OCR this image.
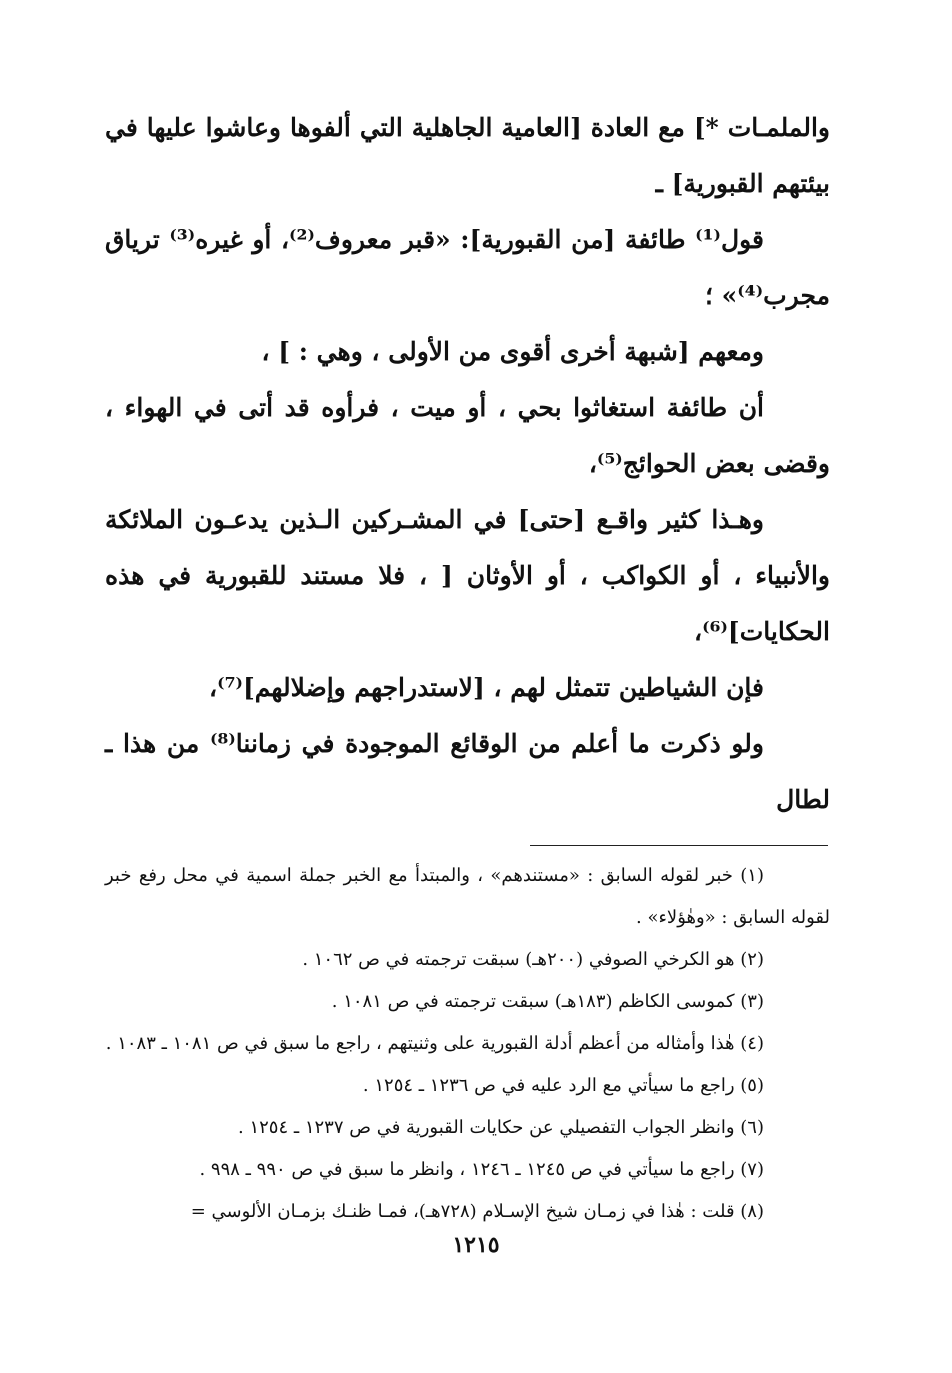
والملمـات *] مع العادة [العامية الجاهلية التي ألفوها وعاشوا عليها في بيئتهم القبورية] ـ

قول⁽¹⁾ طائفة [من القبورية]: «قبر معروف⁽²⁾، أو غيره⁽³⁾ ترياق مجرب⁽⁴⁾» ؛

ومعهم [شبهة أخرى أقوى من الأولى ، وهي : ] ،

أن طائفة استغاثوا بحي ، أو ميت ، فرأوه قد أتى في الهواء ، وقضى بعض الحوائج⁽⁵⁾،

وهـذا كثير واقـع [حتى] في المشـركين الـذين يدعـون الملائكة والأنبياء ، أو الكواكب ، أو الأوثان [ ، فلا مستند للقبورية في هذه الحكايات]⁽⁶⁾،

فإن الشياطين تتمثل لهم ، [لاستدراجهم وإضلالهم]⁽⁷⁾،

ولو ذكرت ما أعلم من الوقائع الموجودة في زماننا⁽⁸⁾ من هذا ـ لطال

(١) خبر لقوله السابق : «مستندهم» ، والمبتدأ مع الخبر جملة اسمية في محل رفع خبر لقوله السابق : «وهٰؤلاء» .

(٢) هو الكرخي الصوفي (٢٠٠هـ) سبقت ترجمته في ص ١٠٦٢ .

(٣) كموسى الكاظم (١٨٣هـ) سبقت ترجمته في ص ١٠٨١ .

(٤) هٰذا وأمثاله من أعظم أدلة القبورية على وثنيتهم ، راجع ما سبق في ص ١٠٨١ ـ ١٠٨٣ .

(٥) راجع ما سيأتي مع الرد عليه في ص ١٢٣٦ ـ ١٢٥٤ .

(٦) وانظر الجواب التفصيلي عن حكايات القبورية في ص ١٢٣٧ ـ ١٢٥٤ .

(٧) راجع ما سيأتي في ص ١٢٤٥ ـ ١٢٤٦ ، وانظر ما سبق في ص ٩٩٠ ـ ٩٩٨ .

(٨) قلت : هٰذا في زمـان شيخ الإسـلام (٧٢٨هـ)، فمـا ظنـك بزمـان الألوسي =

١٢١٥
